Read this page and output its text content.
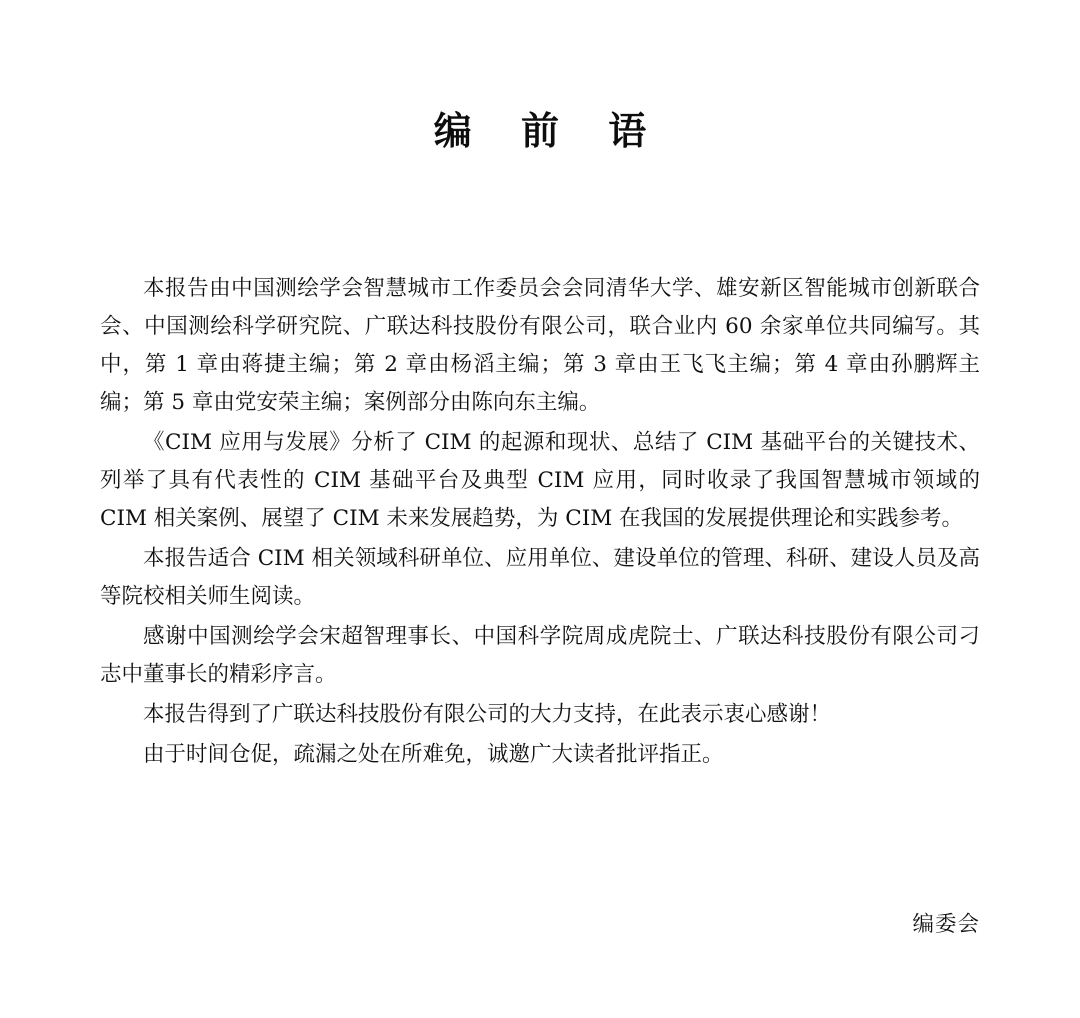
编 前 语

本报告由中国测绘学会智慧城市工作委员会会同清华大学、雄安新区智能城市创新联合会、中国测绘科学研究院、广联达科技股份有限公司，联合业内 60 余家单位共同编写。其中，第 1 章由蒋捷主编；第 2 章由杨滔主编；第 3 章由王飞飞主编；第 4 章由孙鹏辉主编；第 5 章由党安荣主编；案例部分由陈向东主编。

《CIM 应用与发展》分析了 CIM 的起源和现状、总结了 CIM 基础平台的关键技术、列举了具有代表性的 CIM 基础平台及典型 CIM 应用，同时收录了我国智慧城市领域的 CIM 相关案例、展望了 CIM 未来发展趋势，为 CIM 在我国的发展提供理论和实践参考。

本报告适合 CIM 相关领域科研单位、应用单位、建设单位的管理、科研、建设人员及高等院校相关师生阅读。

感谢中国测绘学会宋超智理事长、中国科学院周成虎院士、广联达科技股份有限公司刁志中董事长的精彩序言。

本报告得到了广联达科技股份有限公司的大力支持，在此表示衷心感谢！

由于时间仓促，疏漏之处在所难免，诚邀广大读者批评指正。

编委会
